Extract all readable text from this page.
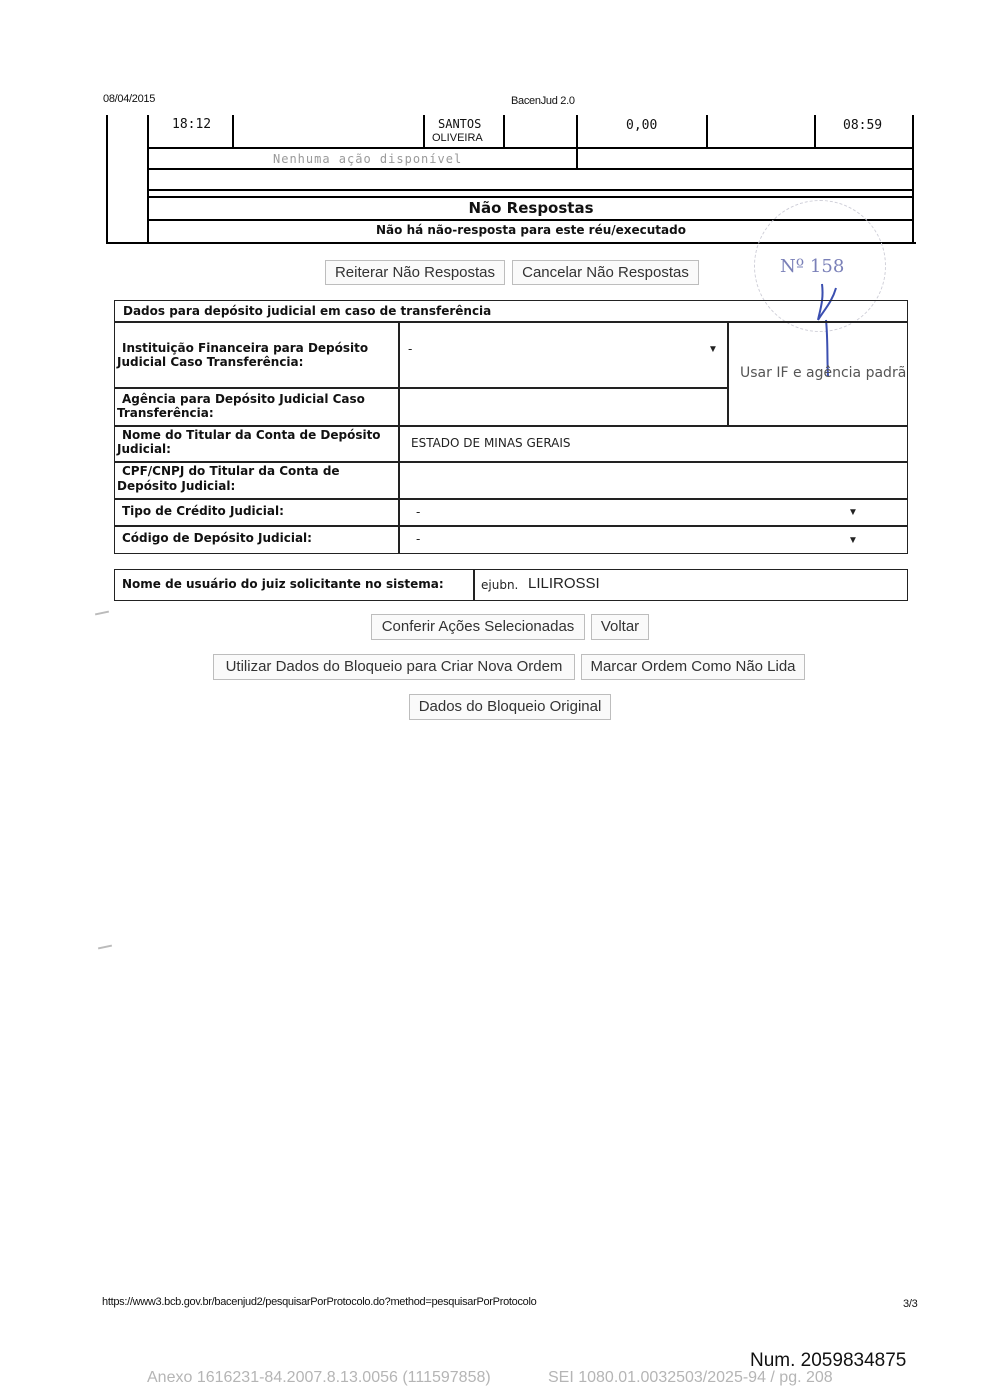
08/04/2015	BacenJud 2.0
18:12	SANTOS
OLIVEIRA
0,00	08:59
Nenhuma ação disponível
Não Respostas
Não há não-resposta para este réu/executado
Reiterar Não Respostas	Cancelar Não Respostas	Nº 158
Dados para depósito judicial em caso de transferência
Instituição Financeira para Depósito
Judicial Caso Transferência:
-	▼
Usar IF e agência padrã
Agência para Depósito Judicial Caso
Transferência:
Nome do Titular da Conta de Depósito
Judicial:	ESTADO DE MINAS GERAIS
CPF/CNPJ do Titular da Conta de
Depósito Judicial:
Tipo de Crédito Judicial:	-	▼
Código de Depósito Judicial:	-	▼
Nome de usuário do juiz solicitante no sistema:	ejubn. LILIROSSI
Conferir Ações Selecionadas	Voltar
Utilizar Dados do Bloqueio para Criar Nova Ordem	Marcar Ordem Como Não Lida
Dados do Bloqueio Original
https://www3.bcb.gov.br/bacenjud2/pesquisarPorProtocolo.do?method=pesquisarPorProtocolo	3/3
Num. 2059834875
Anexo 1616231-84.2007.8.13.0056 (111597858)	SEI 1080.01.0032503/2025-94 / pg. 208
